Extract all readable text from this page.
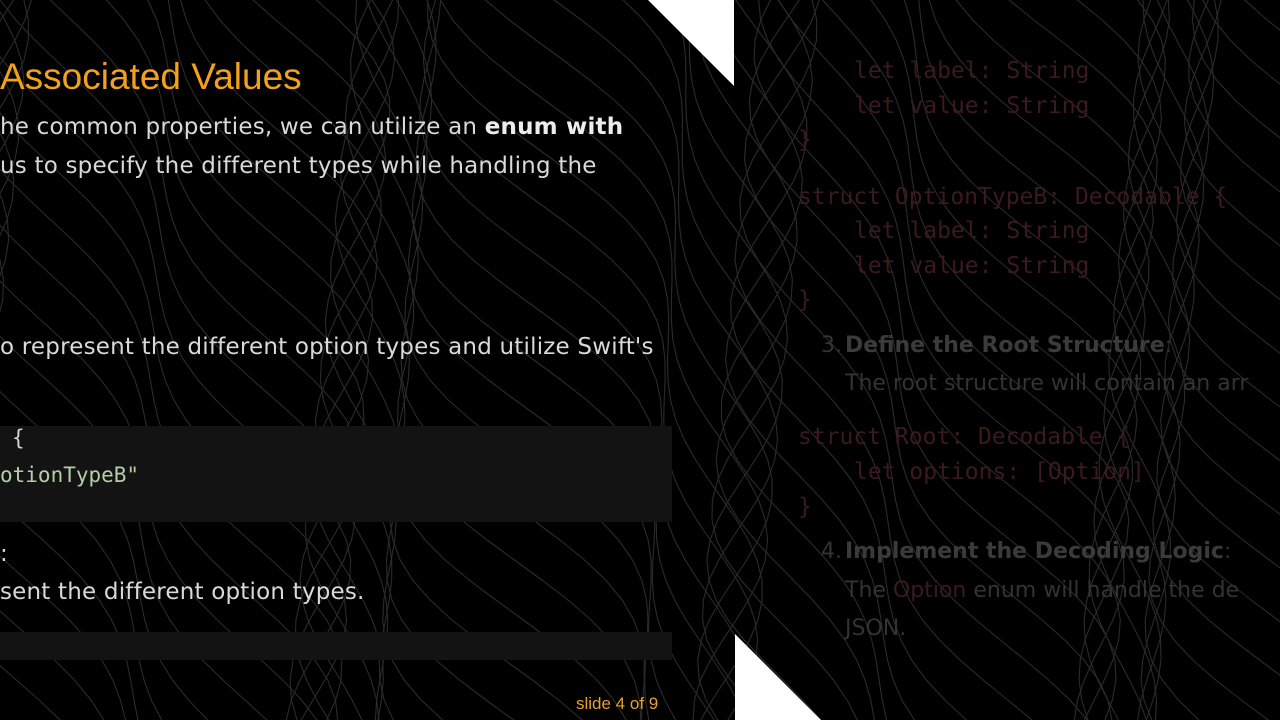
Associated Values
he common properties, we can utilize an enum with
us to specify the different types while handling the
o represent the different option types and utilize Swift's
{
otionTypeB"
:
sent the different option types.
slide 4 of 9
let label: String
let value: String
}
struct OptionTypeB: Decodable {
let label: String
let value: String
}
3. Define the Root Structure:
The root structure will contain an arr
struct Root: Decodable {
let options: [Option]
}
4. Implement the Decoding Logic:
The Option enum will handle the de
JSON.
